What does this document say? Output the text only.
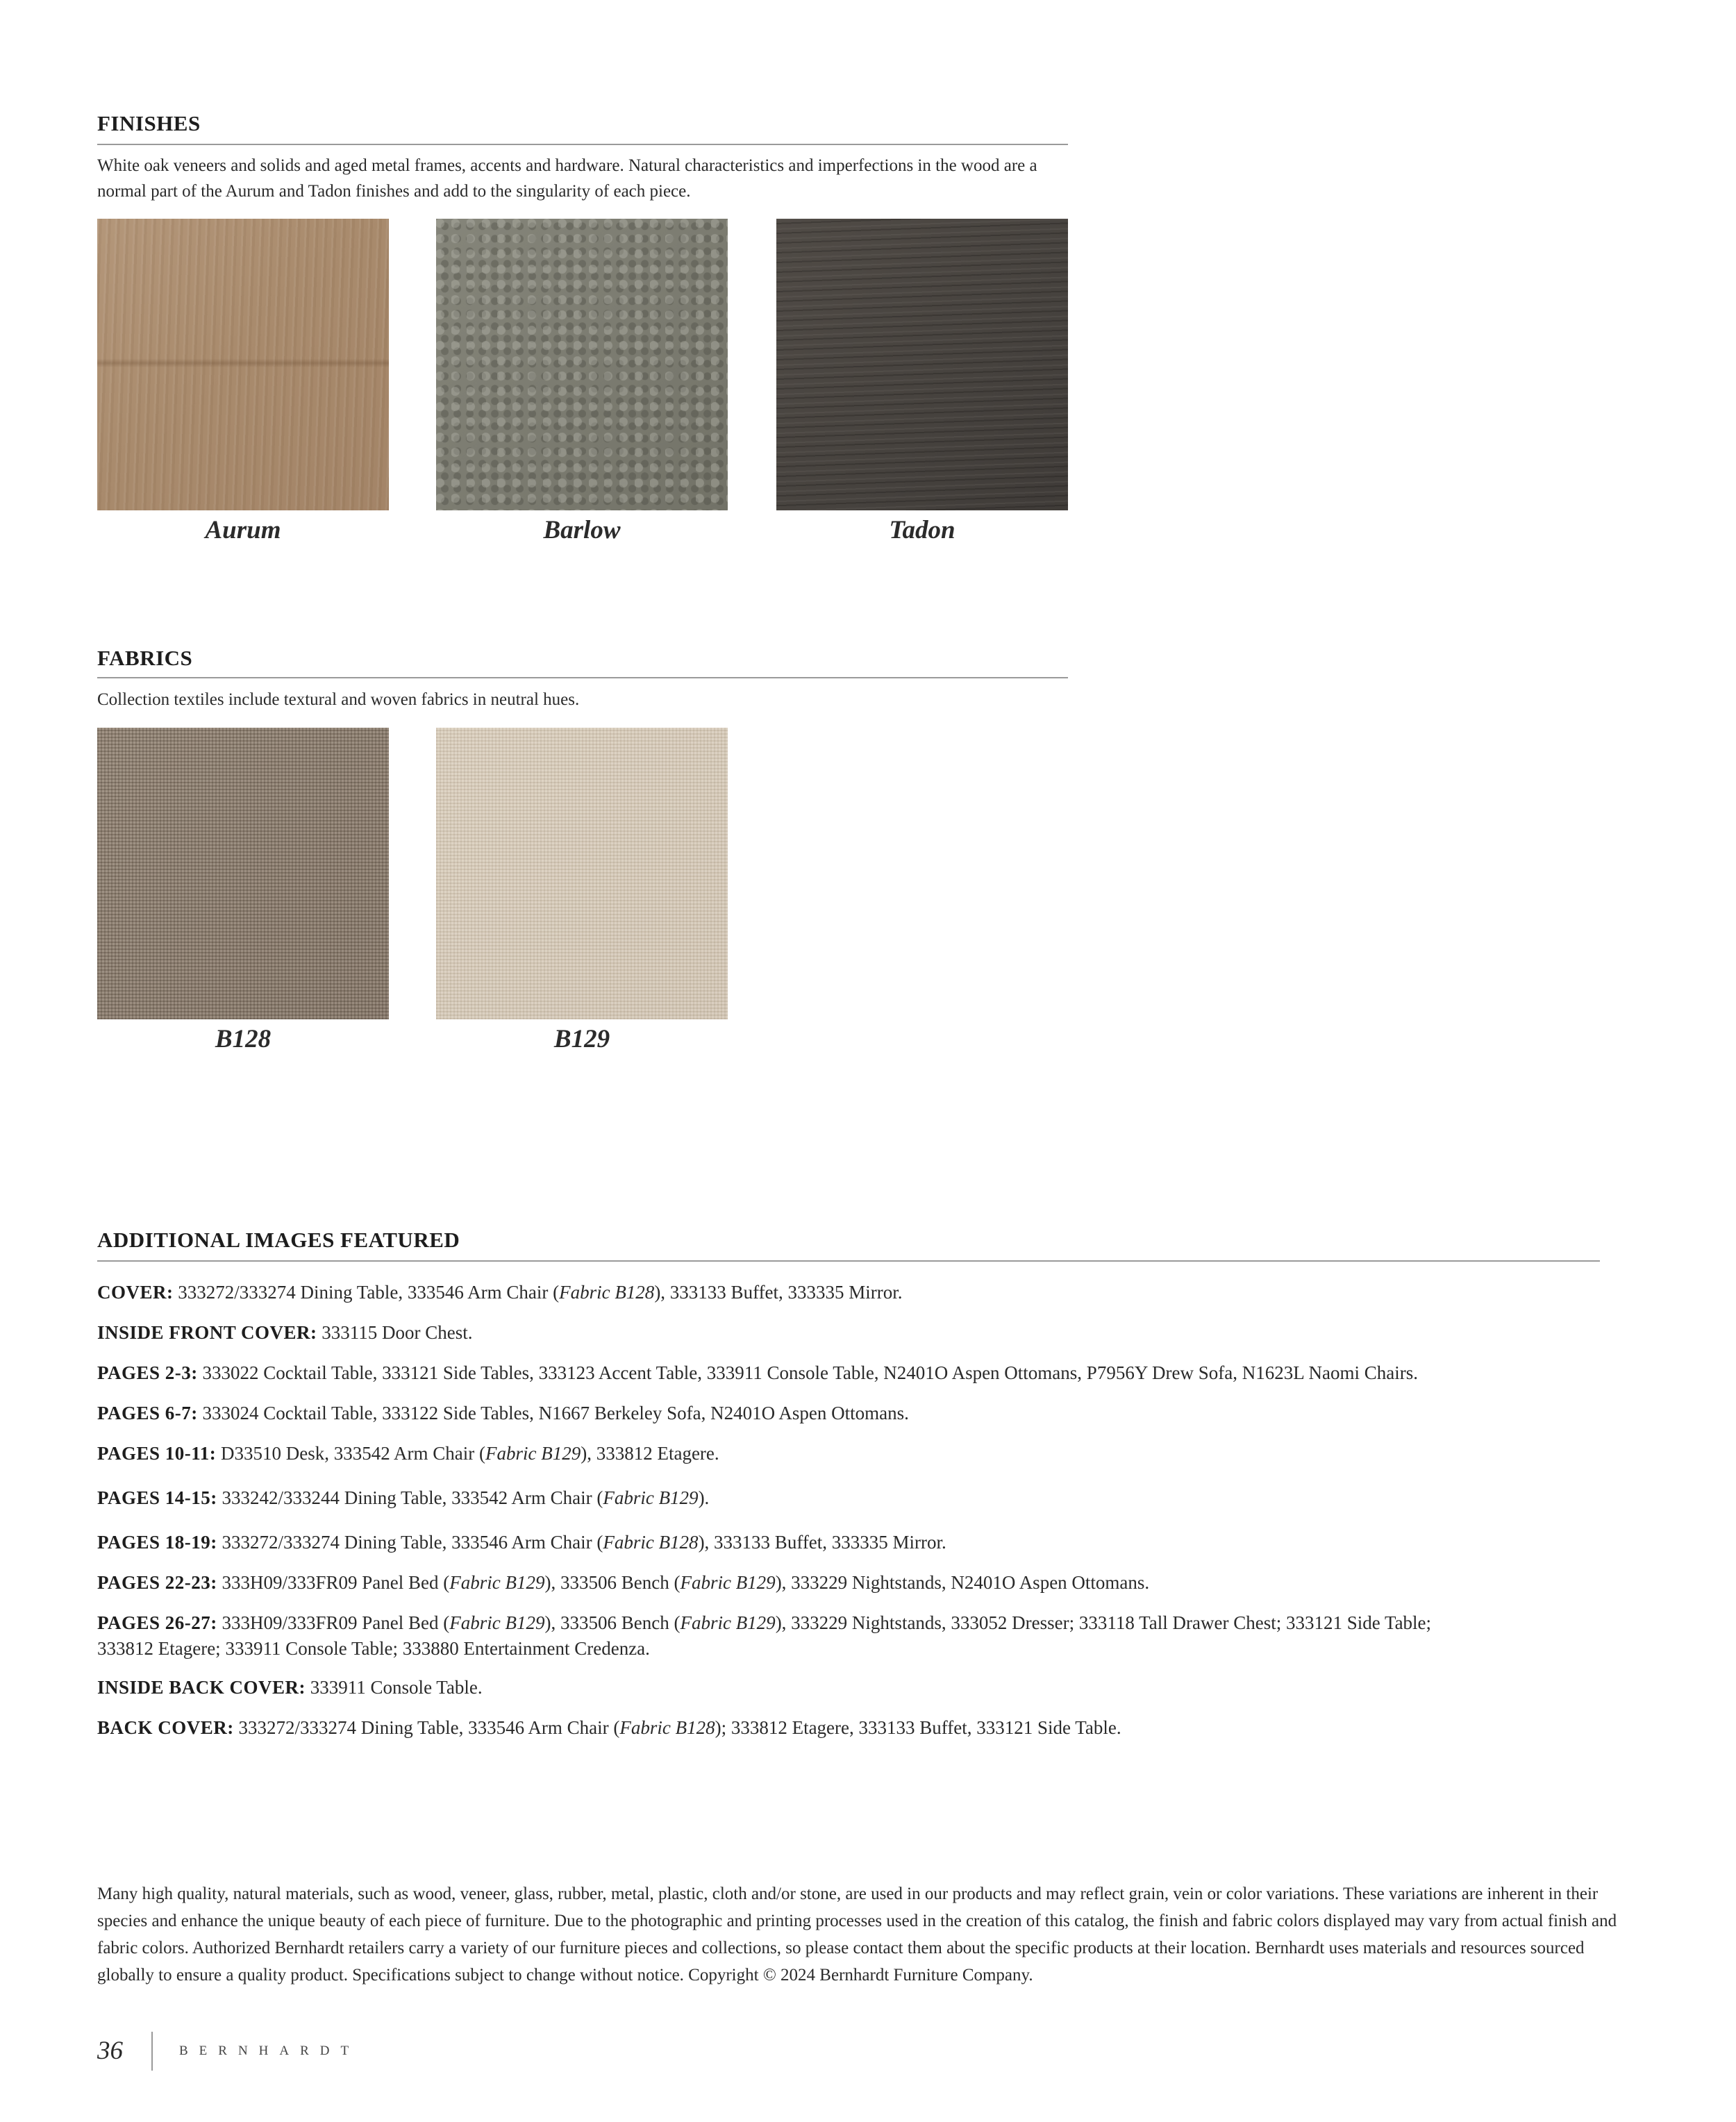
FINISHES

White oak veneers and solids and aged metal frames, accents and hardware. Natural characteristics and imperfections in the wood are a normal part of the Aurum and Tadon finishes and add to the singularity of each piece.

Aurum	Barlow	Tadon
FABRICS

Collection textiles include textural and woven fabrics in neutral hues.

B128	B129
ADDITIONAL IMAGES FEATURED

COVER: 333272/333274 Dining Table, 333546 Arm Chair (Fabric B128), 333133 Buffet, 333335 Mirror.

INSIDE FRONT COVER: 333115 Door Chest.

PAGES 2-3: 333022 Cocktail Table, 333121 Side Tables, 333123 Accent Table, 333911 Console Table, N2401O Aspen Ottomans, P7956Y Drew Sofa, N1623L Naomi Chairs.

PAGES 6-7: 333024 Cocktail Table, 333122 Side Tables, N1667 Berkeley Sofa, N2401O Aspen Ottomans.

PAGES 10-11: D33510 Desk, 333542 Arm Chair (Fabric B129), 333812 Etagere.

PAGES 14-15: 333242/333244 Dining Table, 333542 Arm Chair (Fabric B129).

PAGES 18-19: 333272/333274 Dining Table, 333546 Arm Chair (Fabric B128), 333133 Buffet, 333335 Mirror.

PAGES 22-23: 333H09/333FR09 Panel Bed (Fabric B129), 333506 Bench (Fabric B129), 333229 Nightstands, N2401O Aspen Ottomans.

PAGES 26-27: 333H09/333FR09 Panel Bed (Fabric B129), 333506 Bench (Fabric B129), 333229 Nightstands, 333052 Dresser; 333118 Tall Drawer Chest; 333121 Side Table; 333812 Etagere; 333911 Console Table; 333880 Entertainment Credenza.

INSIDE BACK COVER: 333911 Console Table.

BACK COVER: 333272/333274 Dining Table, 333546 Arm Chair (Fabric B128); 333812 Etagere, 333133 Buffet, 333121 Side Table.

Many high quality, natural materials, such as wood, veneer, glass, rubber, metal, plastic, cloth and/or stone, are used in our products and may reflect grain, vein or color variations. These variations are inherent in their species and enhance the unique beauty of each piece of furniture. Due to the photographic and printing processes used in the creation of this catalog, the finish and fabric colors displayed may vary from actual finish and fabric colors. Authorized Bernhardt retailers carry a variety of our furniture pieces and collections, so please contact them about the specific products at their location. Bernhardt uses materials and resources sourced globally to ensure a quality product. Specifications subject to change without notice. Copyright © 2024 Bernhardt Furniture Company.

36	BERNHARDT
